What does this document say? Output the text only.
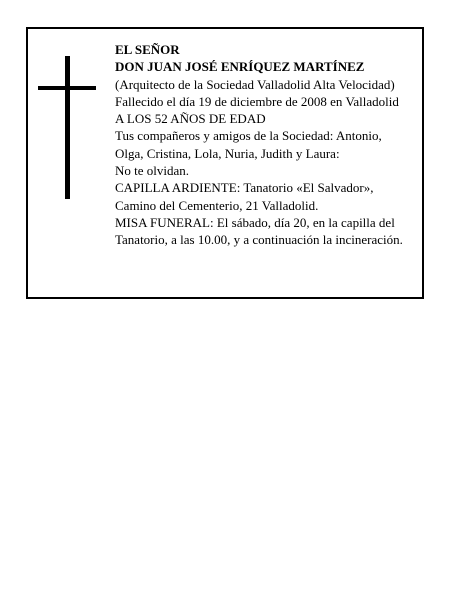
EL SEÑOR

DON JUAN JOSÉ ENRÍQUEZ MARTÍNEZ

(Arquitecto de la Sociedad Valladolid Alta Velocidad)

Fallecido el día 19 de diciembre de 2008 en Valladolid

A LOS 52 AÑOS DE EDAD

Tus compañeros y amigos de la Sociedad: Antonio,

Olga, Cristina, Lola, Nuria, Judith y Laura:

No te olvidan.

CAPILLA ARDIENTE: Tanatorio «El Salvador»,

Camino del Cementerio, 21 Valladolid.

MISA FUNERAL: El sábado, día 20, en la capilla del

Tanatorio, a las 10.00, y a continuación la incineración.
